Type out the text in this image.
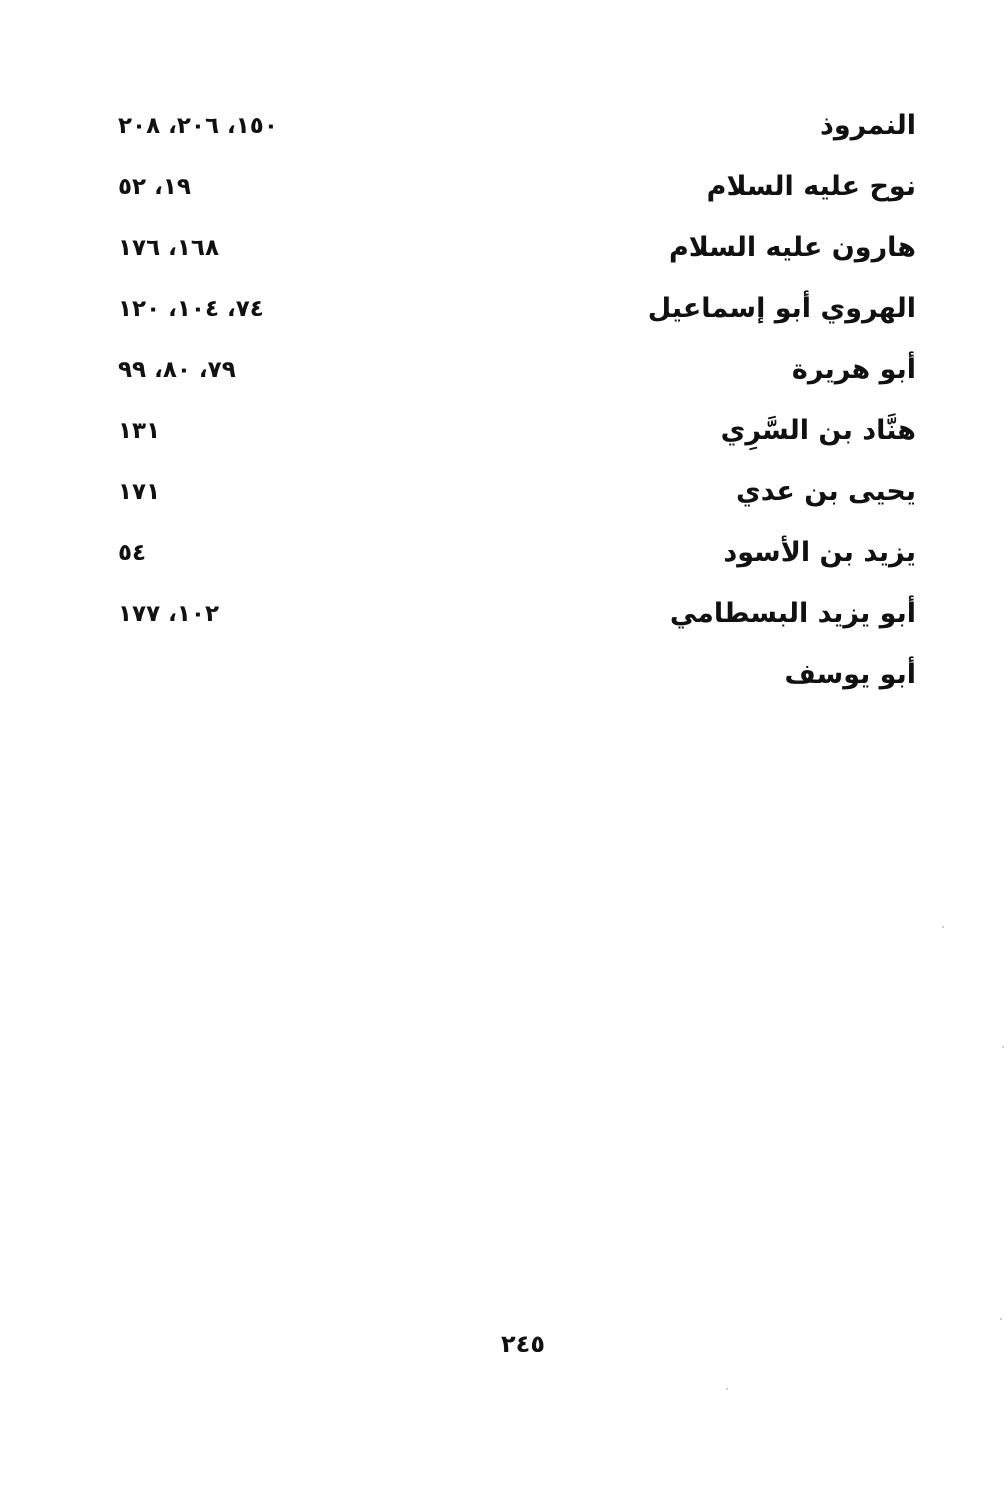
النمروذ
١٥٠، ٢٠٦، ٢٠٨
نوح عليه السلام
١٩، ٥٢
هارون عليه السلام
١٦٨، ١٧٦
الهروي أبو إسماعيل
٧٤، ١٠٤، ١٢٠
أبو هريرة
٧٩، ٨٠، ٩٩
هنَّاد بن السَّرِي
١٣١
يحيى بن عدي
١٧١
يزيد بن الأسود
٥٤
أبو يزيد البسطامي
١٠٢، ١٧٧
أبو يوسف
٢٤٥
